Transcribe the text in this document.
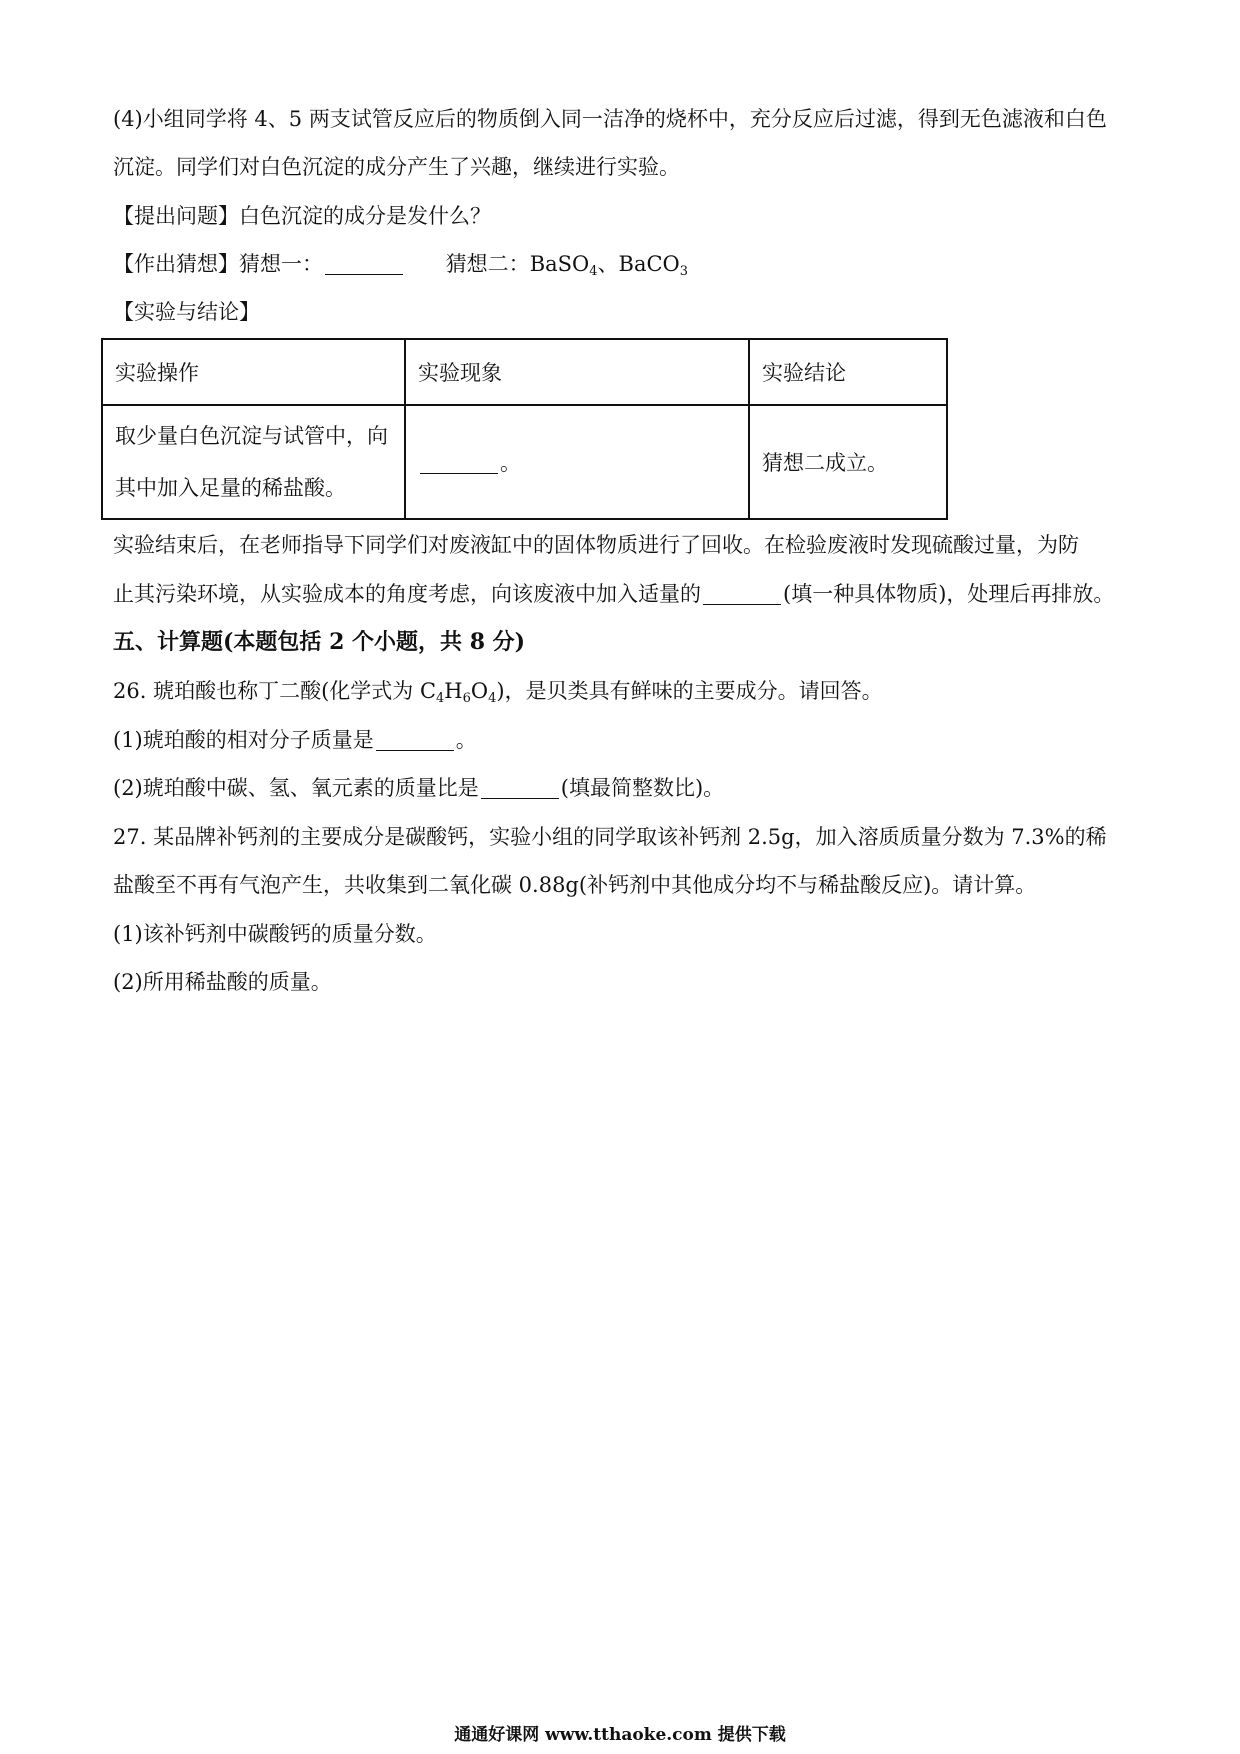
(4)小组同学将 4、5 两支试管反应后的物质倒入同一洁净的烧杯中，充分反应后过滤，得到无色滤液和白色
沉淀。同学们对白色沉淀的成分产生了兴趣，继续进行实验。
【提出问题】白色沉淀的成分是发什么？
【作出猜想】猜想一：	猜想二：BaSO$_4$、BaCO$_3$
【实验与结论】
实验操作	实验现象	实验结论
取少量白色沉淀与试管中，向其中加入足量的稀盐酸。	。	猜想二成立。
实验结束后，在老师指导下同学们对废液缸中的固体物质进行了回收。在检验废液时发现硫酸过量，为防
止其污染环境，从实验成本的角度考虑，向该废液中加入适量的	(填一种具体物质)，处理后再排放。
五、计算题(本题包括 2 个小题，共 8 分)
26. 琥珀酸也称丁二酸(化学式为 $C_4H_6O_4$)，是贝类具有鲜味的主要成分。请回答。
(1)琥珀酸的相对分子质量是	。
(2)琥珀酸中碳、氢、氧元素的质量比是	(填最简整数比)。
27. 某品牌补钙剂的主要成分是碳酸钙，实验小组的同学取该补钙剂 2.5g，加入溶质质量分数为 7.3%的稀
盐酸至不再有气泡产生，共收集到二氧化碳 0.88g(补钙剂中其他成分均不与稀盐酸反应)。请计算。
(1)该补钙剂中碳酸钙的质量分数。
(2)所用稀盐酸的质量。
通通好课网 www.tthaoke.com 提供下载
